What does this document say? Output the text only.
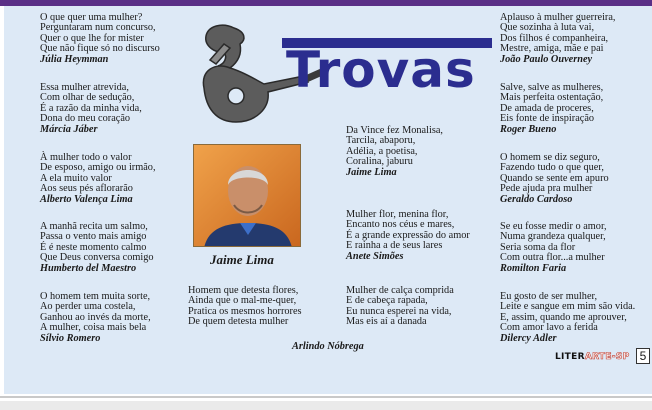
O que quer uma mulher?
Perguntaram num concurso,
Quer o que lhe for mister
Que não fique só no discurso
Júlia Heymman
Essa mulher atrevida,
Com olhar de sedução,
É a razão da minha vida,
Dona do meu coração
Márcia Jáber
À mulher todo o valor
De esposo, amigo ou irmão,
A ela muito valor
Aos seus pés aflorarão
Alberto Valença Lima
A manhã recita um salmo,
Passa o vento mais amigo
É é neste momento calmo
Que Deus conversa comigo
Humberto del Maestro
O homem tem muita sorte,
Ao perder uma costela,
Ganhou ao invés da morte,
A mulher, coisa mais bela
Sílvio Romero
Trovas
Jaime Lima
Da Vince fez Monalisa,
Tarcila, abaporu,
Adélia, a poetisa,
Coralina, jaburu
Jaime Lima
Mulher flor, menina flor,
Encanto nos céus e mares,
É a grande expressão do amor
E rainha a de seus lares
Anete Simões
Mulher de calça comprida
E de cabeça rapada,
Eu nunca esperei na vida,
Mas eis aí a danada
Homem que detesta flores,
Ainda que o mal-me-quer,
Pratica os mesmos horrores
De quem detesta mulher
Arlindo Nóbrega
Aplauso à mulher guerreira,
Que sozinha à luta vai,
Dos filhos é companheira,
Mestre, amiga, mãe e pai
João Paulo Ouverney
Salve, salve as mulheres,
Mais perfeita ostentação,
De amada de proceres,
Eis fonte de inspiração
Roger Bueno
O homem se diz seguro,
Fazendo tudo o que quer,
Quando se sente em apuro
Pede ajuda pra mulher
Geraldo Cardoso
Se eu fosse medir o amor,
Numa grandeza qualquer,
Seria soma da flor
Com outra flor...a mulher
Romilton Faria
Eu gosto de ser mulher,
Leite e sangue em mim são vida.
E, assim, quando me aprouver,
Com amor lavo a ferida
Dilercy Adler
LITERARTE-SP 5
